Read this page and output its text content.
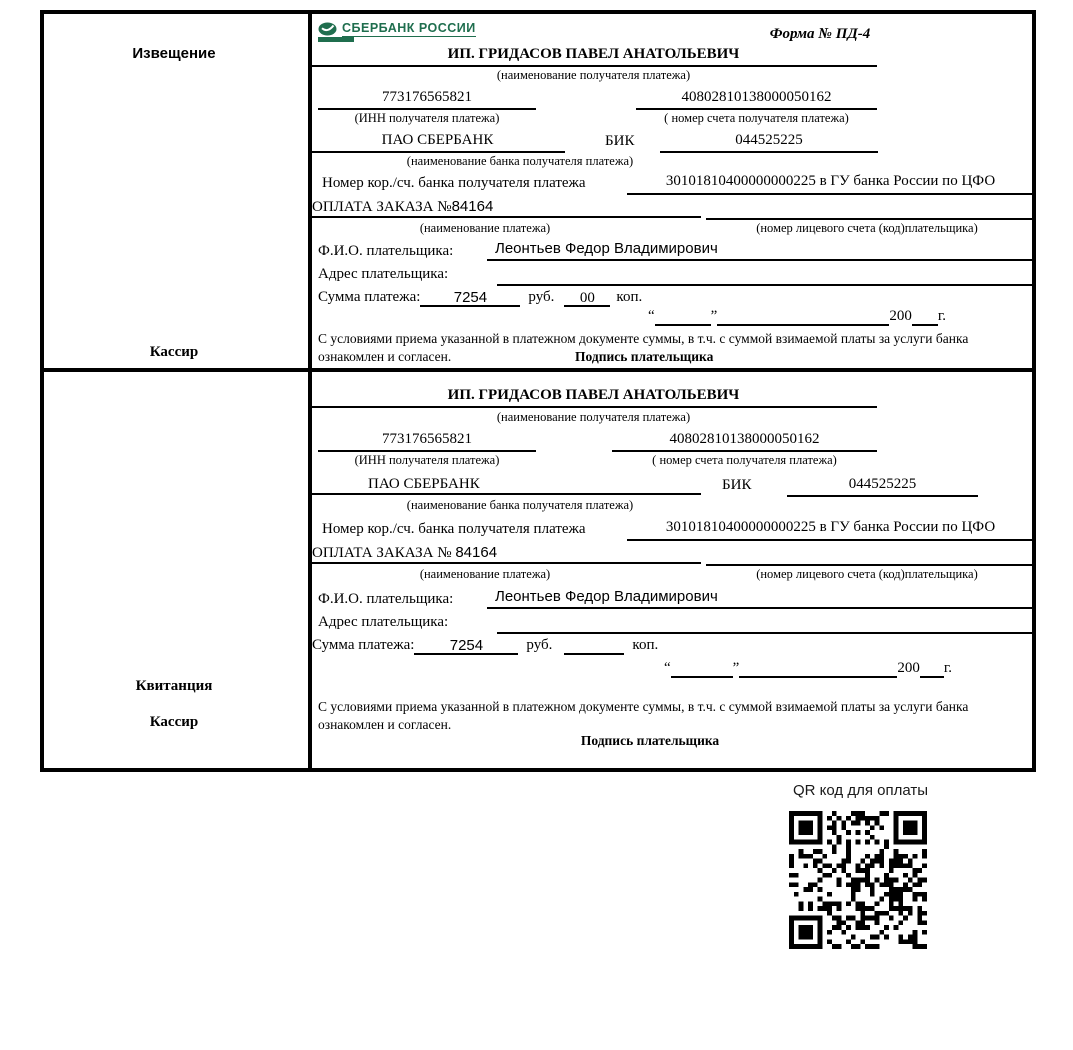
Извещение
Кассир
СБЕРБАНК РОССИИ	Форма № ПД-4
ИП. ГРИДАСОВ ПАВЕЛ АНАТОЛЬЕВИЧ
(наименование получателя платежа)
773176565821	40802810138000050162
(ИНН получателя платежа)	( номер счета получателя платежа)
ПАО СБЕРБАНК	БИК	044525225
(наименование банка получателя платежа)
Номер кор./сч. банка получателя платежа	30101810400000000225 в ГУ банка России по ЦФО
ОПЛАТА ЗАКАЗА №84164
(наименование платежа)	(номер лицевого счета (код)плательщика)
Ф.И.О. плательщика:	Леонтьев Федор Владимирович
Адрес плательщика:
Сумма платежа:	7254	руб.	00	коп.
“	”	200 г.
С условиями приема указанной в платежном документе суммы, в т.ч. с суммой взимаемой платы за услуги банка
ознакомлен и согласен.	Подпись плательщика
Квитанция
Кассир
ИП. ГРИДАСОВ ПАВЕЛ АНАТОЛЬЕВИЧ
(наименование получателя платежа)
773176565821	40802810138000050162
(ИНН получателя платежа)	( номер счета получателя платежа)
ПАО СБЕРБАНК	БИК	044525225
(наименование банка получателя платежа)
Номер кор./сч. банка получателя платежа	30101810400000000225 в ГУ банка России по ЦФО
ОПЛАТА ЗАКАЗА № 84164
(наименование платежа)	(номер лицевого счета (код)плательщика)
Ф.И.О. плательщика:	Леонтьев Федор Владимирович
Адрес плательщика:
Сумма платежа:	7254	руб.	коп.
“	”	200 г.
С условиями приема указанной в платежном документе суммы, в т.ч. с суммой взимаемой платы за услуги банка
ознакомлен и согласен.
Подпись плательщика
QR код для оплаты
